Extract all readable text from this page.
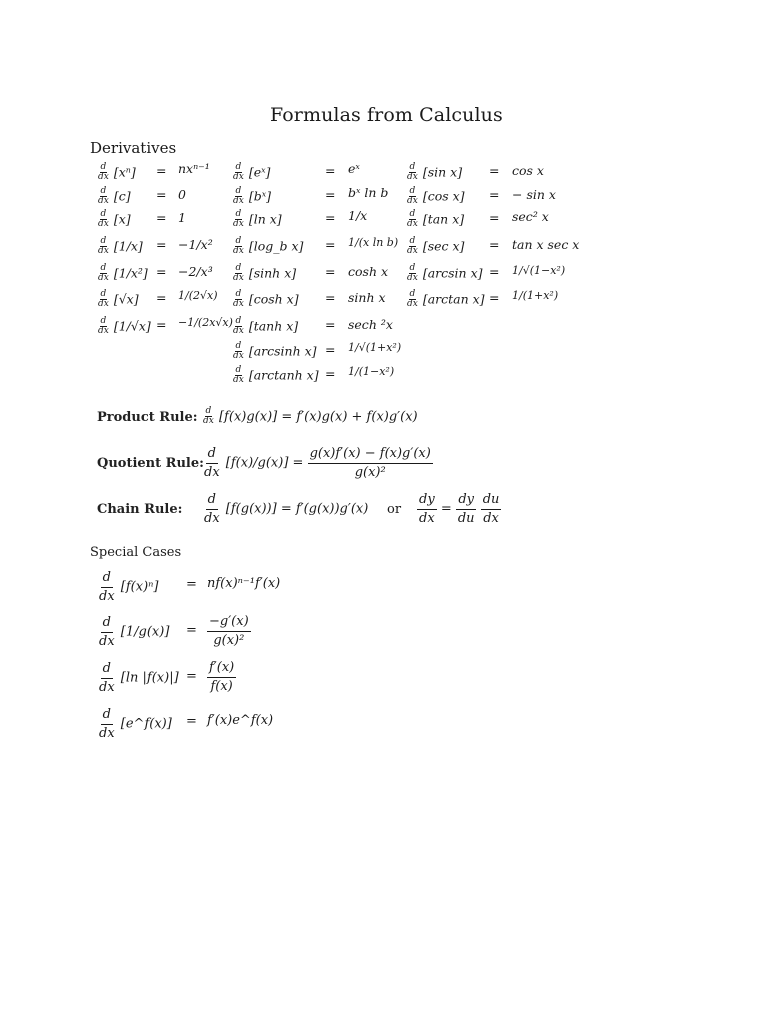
Formulas from Calculus
Derivatives
$\frac{d}{dx} [x^n] = nx^{n-1}$
$\frac{d}{dx} [c] = 0$
$\frac{d}{dx} [x] = 1$
$\frac{d}{dx} [1/x] = -1/x^2$
$\frac{d}{dx} [1/x^2] = -2/x^3$
$\frac{d}{dx} [√x] = 1/(2√x)$
$\frac{d}{dx} [1/√x] = -1/(2x√x)$
$\frac{d}{dx}$ [eˣ]	= eˣ
$\frac{d}{dx}$ [bˣ]	= bˣ ln b
$\frac{d}{dx} [\ln$ x]	= 1/x
$\frac{d}{dx}$ [log_b x] = 1/(x ln b)
$\frac{d}{dx} [\sinh$ x] = cosh x
$\frac{d}{dx} [\cosh$ x] = sinh x
$\frac{d}{dx} [\tanh$ x] = sech ²x
$\frac{d}{dx} [\arcsin h$ x] = 1/√(1+x²)
$\frac{d}{dx} [\arctan h$ x] = 1/(1−x²)
$\frac{d}{dx} [\sin$ x] = cos x
$\frac{d}{dx} [\cos$ x] = − sin x
$\frac{d}{dx} [\tan$ x] = sec² x
$\frac{d}{dx} [\sec$ x] = tan x sec x
$\frac{d}{dx} [\arcsin$ x] = 1/√(1−x²)
$\frac{d}{dx} [\arctan$ x] = 1/(1+x²)
Product Rule: $\frac{d}{dx} [f(x)g(x)] = f'(x)g(x) + f(x)g'(x)$
Quotient Rule:
$\frac{d}{dx} [f(x)/g(x)] = \frac{g(x)f'(x) - f(x)g'(x)}{\text{g(x)²}}$
Chain Rule: $\frac{d}{dx} [f(g(x))] = f'(g(x))g'(x)$ or $\frac{dy}{dx} = \frac{dy}{du}$
$\frac{du}{dx}$
Special Cases
$\frac{d}{dx} [f(x)^n] = nf(x)^{n-1}f'(x)$
$\frac{d}{dx} [1/g(x)] = \frac{-g'(x)}{\text{g(x)²}}$
$\frac{d}{dx} [\ln$ $|f(x)|] = \frac{f'(x)}{f(x)}$
$\frac{d}{dx}$ [e^f(x)] = f′(x)e^f(x)
